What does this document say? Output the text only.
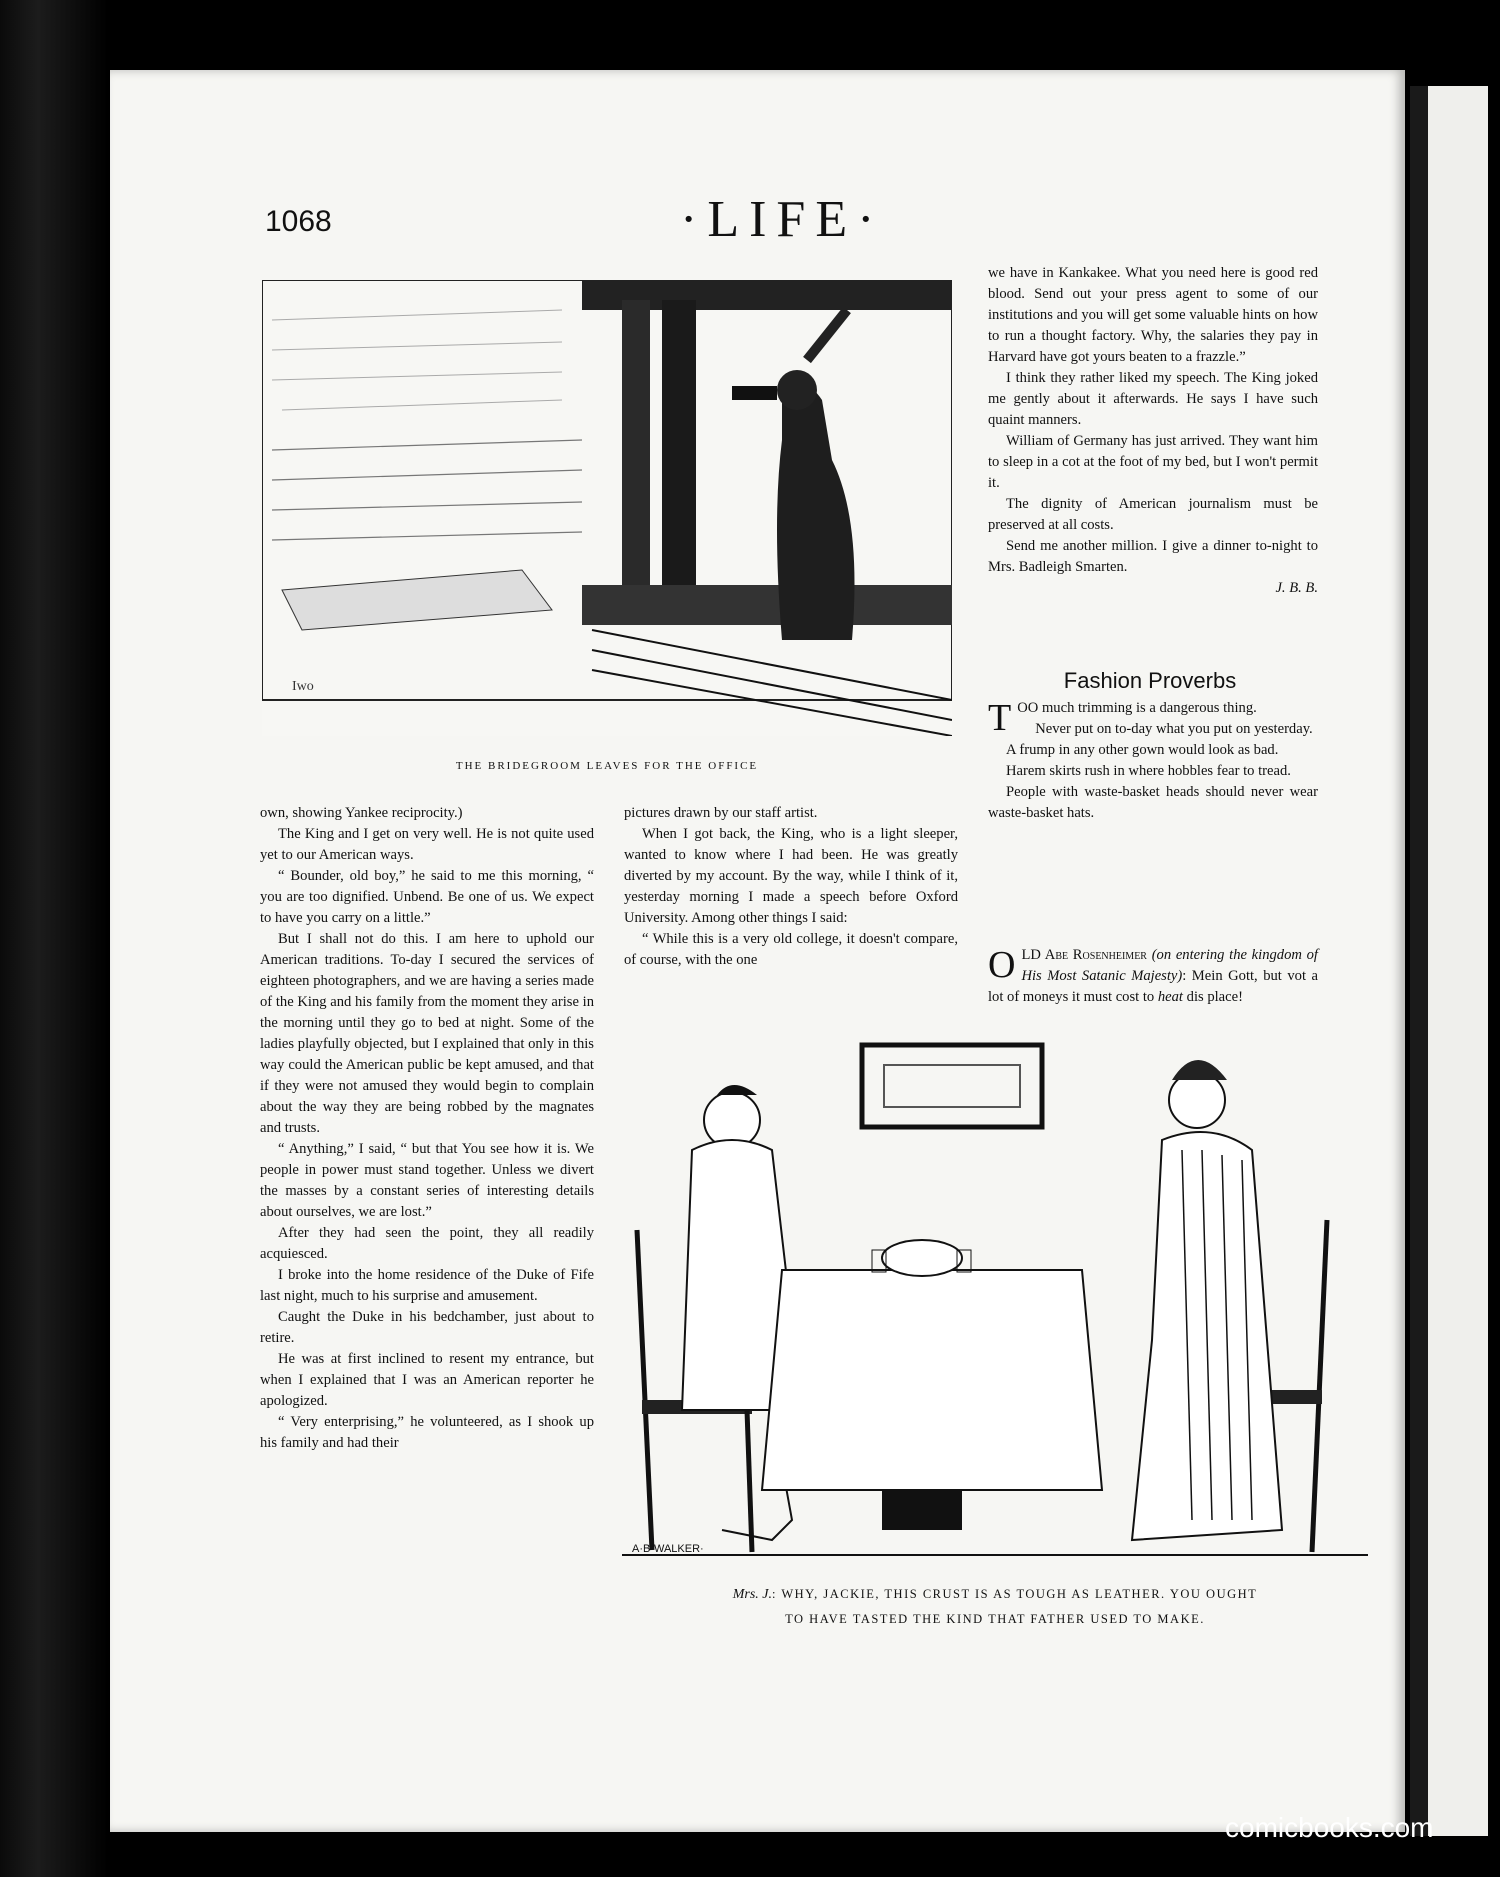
1068	·LIFE·
Iwo
THE BRIDEGROOM LEAVES FOR THE OFFICE

own, showing Yankee reciprocity.)

The King and I get on very well. He is not quite used yet to our American ways.

“ Bounder, old boy,” he said to me this morning, “ you are too dignified. Unbend. Be one of us. We expect to have you carry on a little.”

But I shall not do this. I am here to uphold our American traditions. To-day I secured the services of eighteen photographers, and we are having a series made of the King and his family from the moment they arise in the morning until they go to bed at night. Some of the ladies playfully objected, but I explained that only in this way could the American public be kept amused, and that if they were not amused they would begin to complain about the way they are being robbed by the magnates and trusts.

“ Anything,” I said, “ but that You see how it is. We people in power must stand together. Unless we divert the masses by a constant series of interesting details about ourselves, we are lost.”

After they had seen the point, they all readily acquiesced.

I broke into the home residence of the Duke of Fife last night, much to his surprise and amusement.

Caught the Duke in his bedchamber, just about to retire.

He was at first inclined to resent my entrance, but when I explained that I was an American reporter he apologized.

“ Very enterprising,” he volunteered, as I shook up his family and had their

pictures drawn by our staff artist.

When I got back, the King, who is a light sleeper, wanted to know where I had been. He was greatly diverted by my account. By the way, while I think of it, yesterday morning I made a speech before Oxford University. Among other things I said:

“ While this is a very old college, it doesn't compare, of course, with the one

we have in Kankakee. What you need here is good red blood. Send out your press agent to some of our institutions and you will get some valuable hints on how to run a thought factory. Why, the salaries they pay in Harvard have got yours beaten to a frazzle.”

I think they rather liked my speech. The King joked me gently about it afterwards. He says I have such quaint manners.

William of Germany has just arrived. They want him to sleep in a cot at the foot of my bed, but I won't permit it.

The dignity of American journalism must be preserved at all costs.

Send me another million. I give a dinner to-night to Mrs. Badleigh Smarten.

J. B. B.

Fashion Proverbs

TOO much trimming is a dangerous thing.

Never put on to-day what you put on yesterday.

A frump in any other gown would look as bad.

Harem skirts rush in where hobbles fear to tread.

People with waste-basket heads should never wear waste-basket hats.

OLD Abe Rosenheimer (on entering the kingdom of His Most Satanic Majesty): Mein Gott, but vot a lot of moneys it must cost to heat dis place!

A·B·WALKER·
Mrs. J.: WHY, JACKIE, THIS CRUST IS AS TOUGH AS LEATHER. YOU OUGHT
TO HAVE TASTED THE KIND THAT FATHER USED TO MAKE.
comicbooks.com
